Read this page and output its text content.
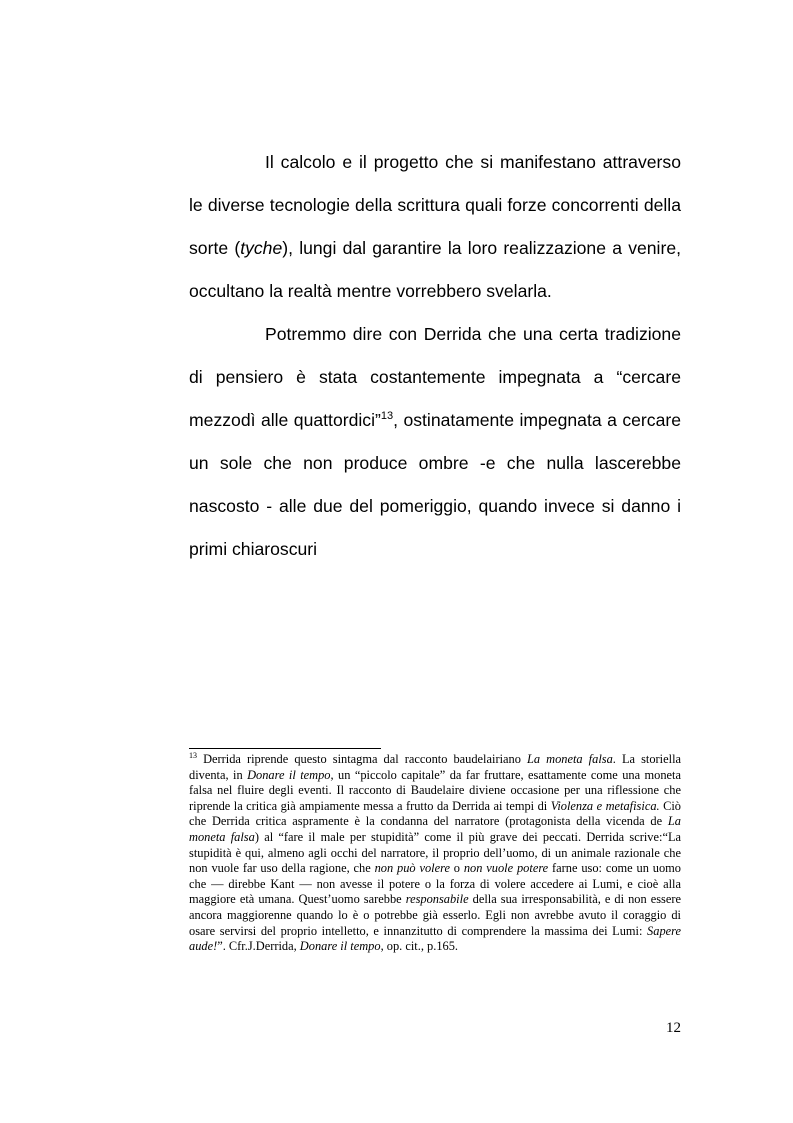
Il calcolo e il progetto che si manifestano attraverso le diverse tecnologie della scrittura quali forze concorrenti della sorte (tyche), lungi dal garantire la loro realizzazione a venire, occultano la realtà mentre vorrebbero svelarla.

Potremmo dire con Derrida che una certa tradizione di pensiero è stata costantemente impegnata a “cercare mezzodì alle quattordici”$^{13}$, ostinatamente impegnata a cercare un sole che non produce ombre -e che nulla lascerebbe nascosto - alle due del pomeriggio, quando invece si danno i primi chiaroscuri

$^{13}$ Derrida riprende questo sintagma dal racconto baudelairiano La moneta falsa. La storiella diventa, in Donare il tempo, un “piccolo capitale” da far fruttare, esattamente come una moneta falsa nel fluire degli eventi. Il racconto di Baudelaire diviene occasione per una riflessione che riprende la critica già ampiamente messa a frutto da Derrida ai tempi di Violenza e metafisica. Ciò che Derrida critica aspramente è la condanna del narratore (protagonista della vicenda de La moneta falsa) al “fare il male per stupidità” come il più grave dei peccati. Derrida scrive:“La stupidità è qui, almeno agli occhi del narratore, il proprio dell’uomo, di un animale razionale che non vuole far uso della ragione, che non può volere o non vuole potere farne uso: come un uomo che — direbbe Kant — non avesse il potere o la forza di volere accedere ai Lumi, e cioè alla maggiore età umana. Quest’uomo sarebbe responsabile della sua irresponsabilità, e di non essere ancora maggiorenne quando lo è o potrebbe già esserlo. Egli non avrebbe avuto il coraggio di osare servirsi del proprio intelletto, e innanzitutto di comprendere la massima dei Lumi: Sapere aude!”. Cfr.J.Derrida, Donare il tempo, op. cit., p.165.

12
